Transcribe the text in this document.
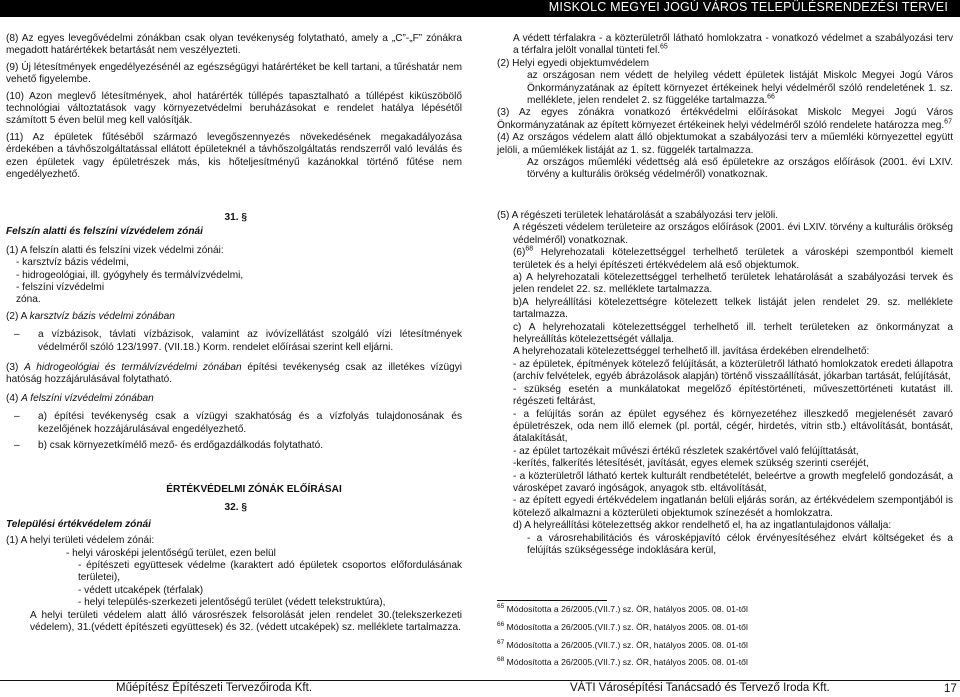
MISKOLC MEGYEI JOGÚ VÁROS TELEPÜLÉSRENDEZÉSI TERVEI

(8) Az egyes levegővédelmi zónákban csak olyan tevékenység folytatható, amely a „C”-„F” zónákra megadott határértékek betartását nem veszélyezteti.

(9) Új létesítmények engedélyezésénél az egészségügyi határértéket be kell tartani, a tűréshatár nem vehető figyelembe.

(10) Azon meglevő létesítmények, ahol határérték túllépés tapasztalható a túllépést kiküszöbölő technológiai változtatások vagy környezetvédelmi beruházásokat e rendelet hatálya lépésétől számított 5 éven belül meg kell valósítják.

(11) Az épületek fűtéséből származó levegőszennyezés növekedésének megakadályozása érdekében a távhőszolgáltatással ellátott épületeknél a távhőszolgáltatás rendszerről való leválás és ezen épületek vagy épületrészek más, kis hőteljesítményű kazánokkal történő fűtése nem engedélyezhető.

31. §

Felszín alatti és felszíni vízvédelem zónái

(1) A felszín alatti és felszíni vizek védelmi zónái:

- karsztvíz bázis védelmi,

- hidrogeológiai, ill. gyógyhely és termálvízvédelmi,

- felszíni vízvédelmi

zóna.

(2) A karsztvíz bázis védelmi zónában

–	a vízbázisok, távlati vízbázisok, valamint az ivóvízellátást szolgáló vízi létesítmények védelméről szóló 123/1997. (VII.18.) Korm. rendelet előírásai szerint kell eljárni.

(3) A hidrogeológiai és termálvízvédelmi zónában építési tevékenység csak az illetékes vízügyi hatóság hozzájárulásával folytatható.

(4) A felszíni vízvédelmi zónában

–	a) építési tevékenység csak a vízügyi szakhatóság és a vízfolyás tulajdonosának és kezelőjének hozzájárulásával engedélyezhető.
–	b) csak környezetkímélő mező- és erdőgazdálkodás folytatható.

ÉRTÉKVÉDELMI ZÓNÁK ELŐÍRÁSAI

32. §

Települési értékvédelem zónái

(1) A helyi területi védelem zónái:

- helyi városképi jelentőségű terület, ezen belül

- építészeti együttesek védelme (karaktert adó épületek csoportos előfordulásának területei),

- védett utcaképek (térfalak)

- helyi település-szerkezeti jelentőségű terület (védett telekstruktúra),

A helyi területi védelem alatt álló városrészek felsorolását jelen rendelet 30.(telekszerkezeti védelem), 31.(védett építészeti együttesek) és 32. (védett utcaképek) sz. melléklete tartalmazza.

A védett térfalakra - a közterületről látható homlokzatra - vonatkozó védelmet a szabályozási terv a térfalra jelölt vonallal tünteti fel.$^{65}$

(2) Helyi egyedi objektumvédelem

az országosan nem védett de helyileg védett épületek listáját Miskolc Megyei Jogú Város Önkormányzatának az épített környezet értékeinek helyi védelméről szóló rendeletének 1. sz. melléklete, jelen rendelet 2. sz függeléke tartalmazza.$^{66}$

(3) Az egyes zónákra vonatkozó értékvédelmi előírásokat Miskolc Megyei Jogú Város Önkormányzatának az épített környezet értékeinek helyi védelméről szóló rendelete határozza meg.$^{67}$

(4) Az országos védelem alatt álló objektumokat a szabályozási terv a műemléki környezettel együtt jelöli, a műemlékek listáját az 1. sz. függelék tartalmazza.

Az országos műemléki védettség alá eső épületekre az országos előírások (2001. évi LXIV. törvény a kulturális örökség védelméről) vonatkoznak.

(5) A régészeti területek lehatárolását a szabályozási terv jelöli.

A régészeti védelem területeire az országos előírások (2001. évi LXIV. törvény a kulturális örökség védelméről) vonatkoznak.

$(6)^{68}$ Helyrehozatali kötelezettséggel terhelhető területek a városképi szempontból kiemelt területek és a helyi építészeti értékvédelem alá eső objektumok.

a) A helyrehozatali kötelezettséggel terhelhető területek lehatárolását a szabályozási tervek és jelen rendelet 22. sz. melléklete tartalmazza.

b)A helyreállítási kötelezettségre kötelezett telkek listáját jelen rendelet 29. sz. melléklete tartalmazza.

c) A helyrehozatali kötelezettséggel terhelhető ill. terhelt területeken az önkormányzat a helyreállítás kötelezettségét vállalja.

A helyrehozatali kötelezettséggel terhelhető ill. javítása érdekében elrendelhető:

- az épületek, építmények kötelező felújítását, a közterületről látható homlokzatok eredeti állapotra (archív felvételek, egyéb ábrázolások alapján) történő visszaállítását, jókarban tartását, felújítását,

- szükség esetén a munkálatokat megelőző építéstörténeti, műveszettörténeti kutatást ill. régészeti feltárást,

- a felújítás során az épület egyséhez és környezetéhez illeszkedő megjelenését zavaró épületrészek, oda nem illő elemek (pl. portál, cégér, hirdetés, vitrin stb.) eltávolítását, bontását, átalakítását,

- az épület tartozékait művészi értékű részletek szakértővel való felújíttatását,

-kerítés, falkerítés létesítését, javítását, egyes elemek szükség szerinti cseréjét,

- a közterületről látható kertek kulturált rendbetételét, beleértve a growth megfelelő gondozását, a városképet zavaró ingóságok, anyagok stb. eltávolítását,

- az épített egyedi értékvédelem ingatlanán belüli eljárás során, az értékvédelem szempontjából is kötelező alkalmazni a közterületi objektumok színezését a homlokzatra.

d) A helyreállítási kötelezettség akkor rendelhető el, ha az ingatlantulajdonos vállalja:

- a városrehabilitációs és városképjavító célok érvényesítéséhez elvárt költségeket és a felújítás szükségessége indoklására kerül,

$^{65}$ Módosította a 26/2005.(VII.7.) sz. ÖR, hatályos 2005. 08. 01-től
$^{66}$ Módosította a 26/2005.(VII.7.) sz. ÖR, hatályos 2005. 08. 01-től
$^{67}$ Módosította a 26/2005.(VII.7.) sz. ÖR, hatályos 2005. 08. 01-től
$^{68}$ Módosította a 26/2005.(VII.7.) sz. ÖR, hatályos 2005. 08. 01-től
Műépítész Építészeti Tervezőiroda Kft.	VÁTI Városépítési Tanácsadó és Tervező Iroda Kft.	17
